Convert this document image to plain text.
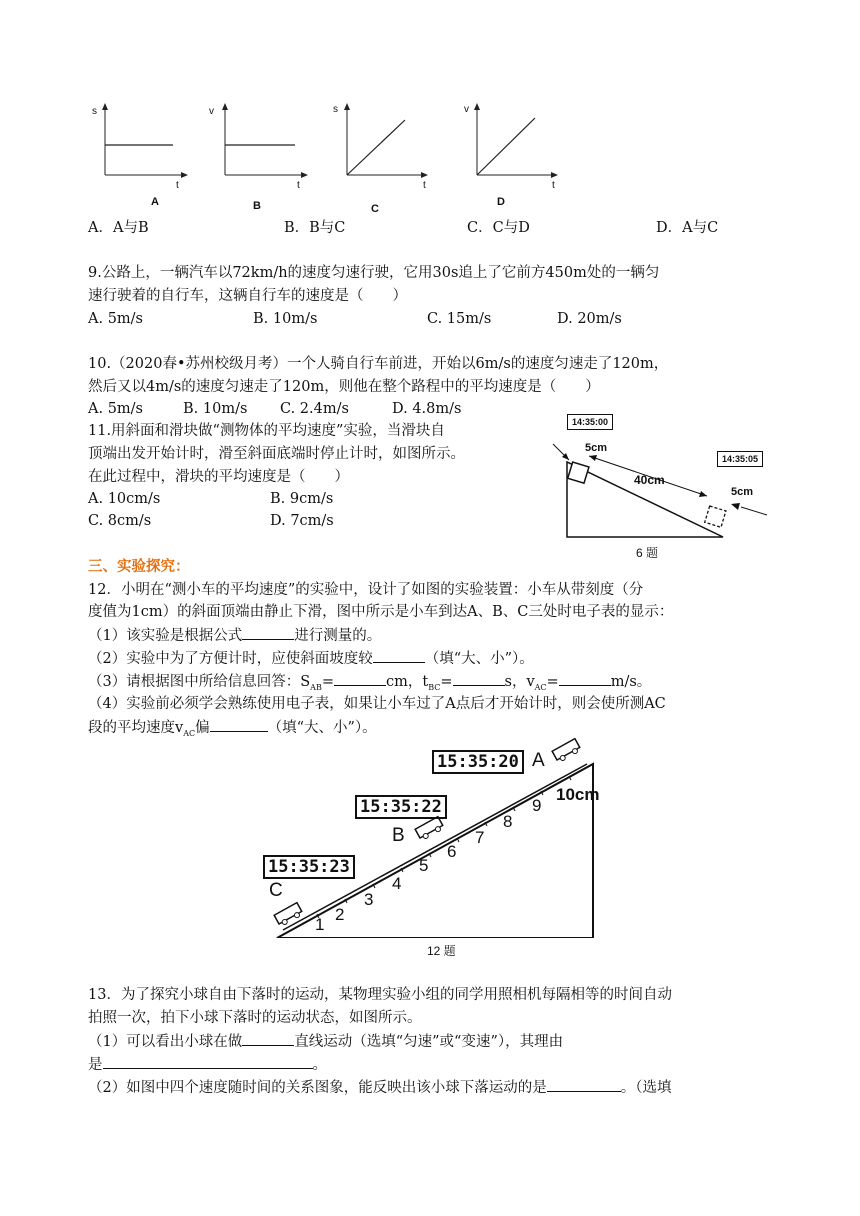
s
t
A
v
t
B
s
t
C
v
t
D
A．A与B	B．B与C	C．C与D	D．A与C
9.公路上，一辆汽车以72km/h的速度匀速行驶，它用30s追上了它前方450m处的一辆匀
速行驶着的自行车，这辆自行车的速度是（　　）
A. 5m/s	B. 10m/s	C. 15m/s	D. 20m/s
10.（2020春•苏州校级月考）一个人骑自行车前进，开始以6m/s的速度匀速走了120m，
然后又以4m/s的速度匀速走了120m，则他在整个路程中的平均速度是（　　）
A. 5m/s	B. 10m/s C. 2.4m/s	D. 4.8m/s
11.用斜面和滑块做“测物体的平均速度”实验，当滑块自
顶端出发开始计时，滑至斜面底端时停止计时，如图所示。
在此过程中，滑块的平均速度是（　　）
A. 10cm/s	B. 9cm/s
C. 8cm/s	D. 7cm/s
14:35:00
14:35:05
5cm
40cm
5cm
6 题
三、实验探究：
12．小明在“测小车的平均速度”的实验中，设计了如图的实验装置：小车从带刻度（分
度值为1cm）的斜面顶端由静止下滑，图中所示是小车到达A、B、C三处时电子表的显示：
（1）该实验是根据公式	进行测量的。
（2）实验中为了方便计时，应使斜面坡度较	（填“大、小”）。
（3）请根据图中所给信息回答：$S_{AB}=$	cm，$t_{BC}=$	s，$v_{AC}=$	m/s。
（4）实验前必须学会熟练使用电子表，如果让小车过了A点后才开始计时，则会使所测AC
段的平均速度$v_{AC}$偏	（填“大、小”）。
15:35:20 A
15:35:22
B
15:35:23
C
10cm
1
2
3
4
5
6
7
8
9
12 题
13．为了探究小球自由下落时的运动，某物理实验小组的同学用照相机每隔相等的时间自动
拍照一次，拍下小球下落时的运动状态，如图所示。
（1）可以看出小球在做	直线运动（选填“匀速”或“变速”），其理由
是	。
（2）如图中四个速度随时间的关系图象，能反映出该小球下落运动的是	。（选填
